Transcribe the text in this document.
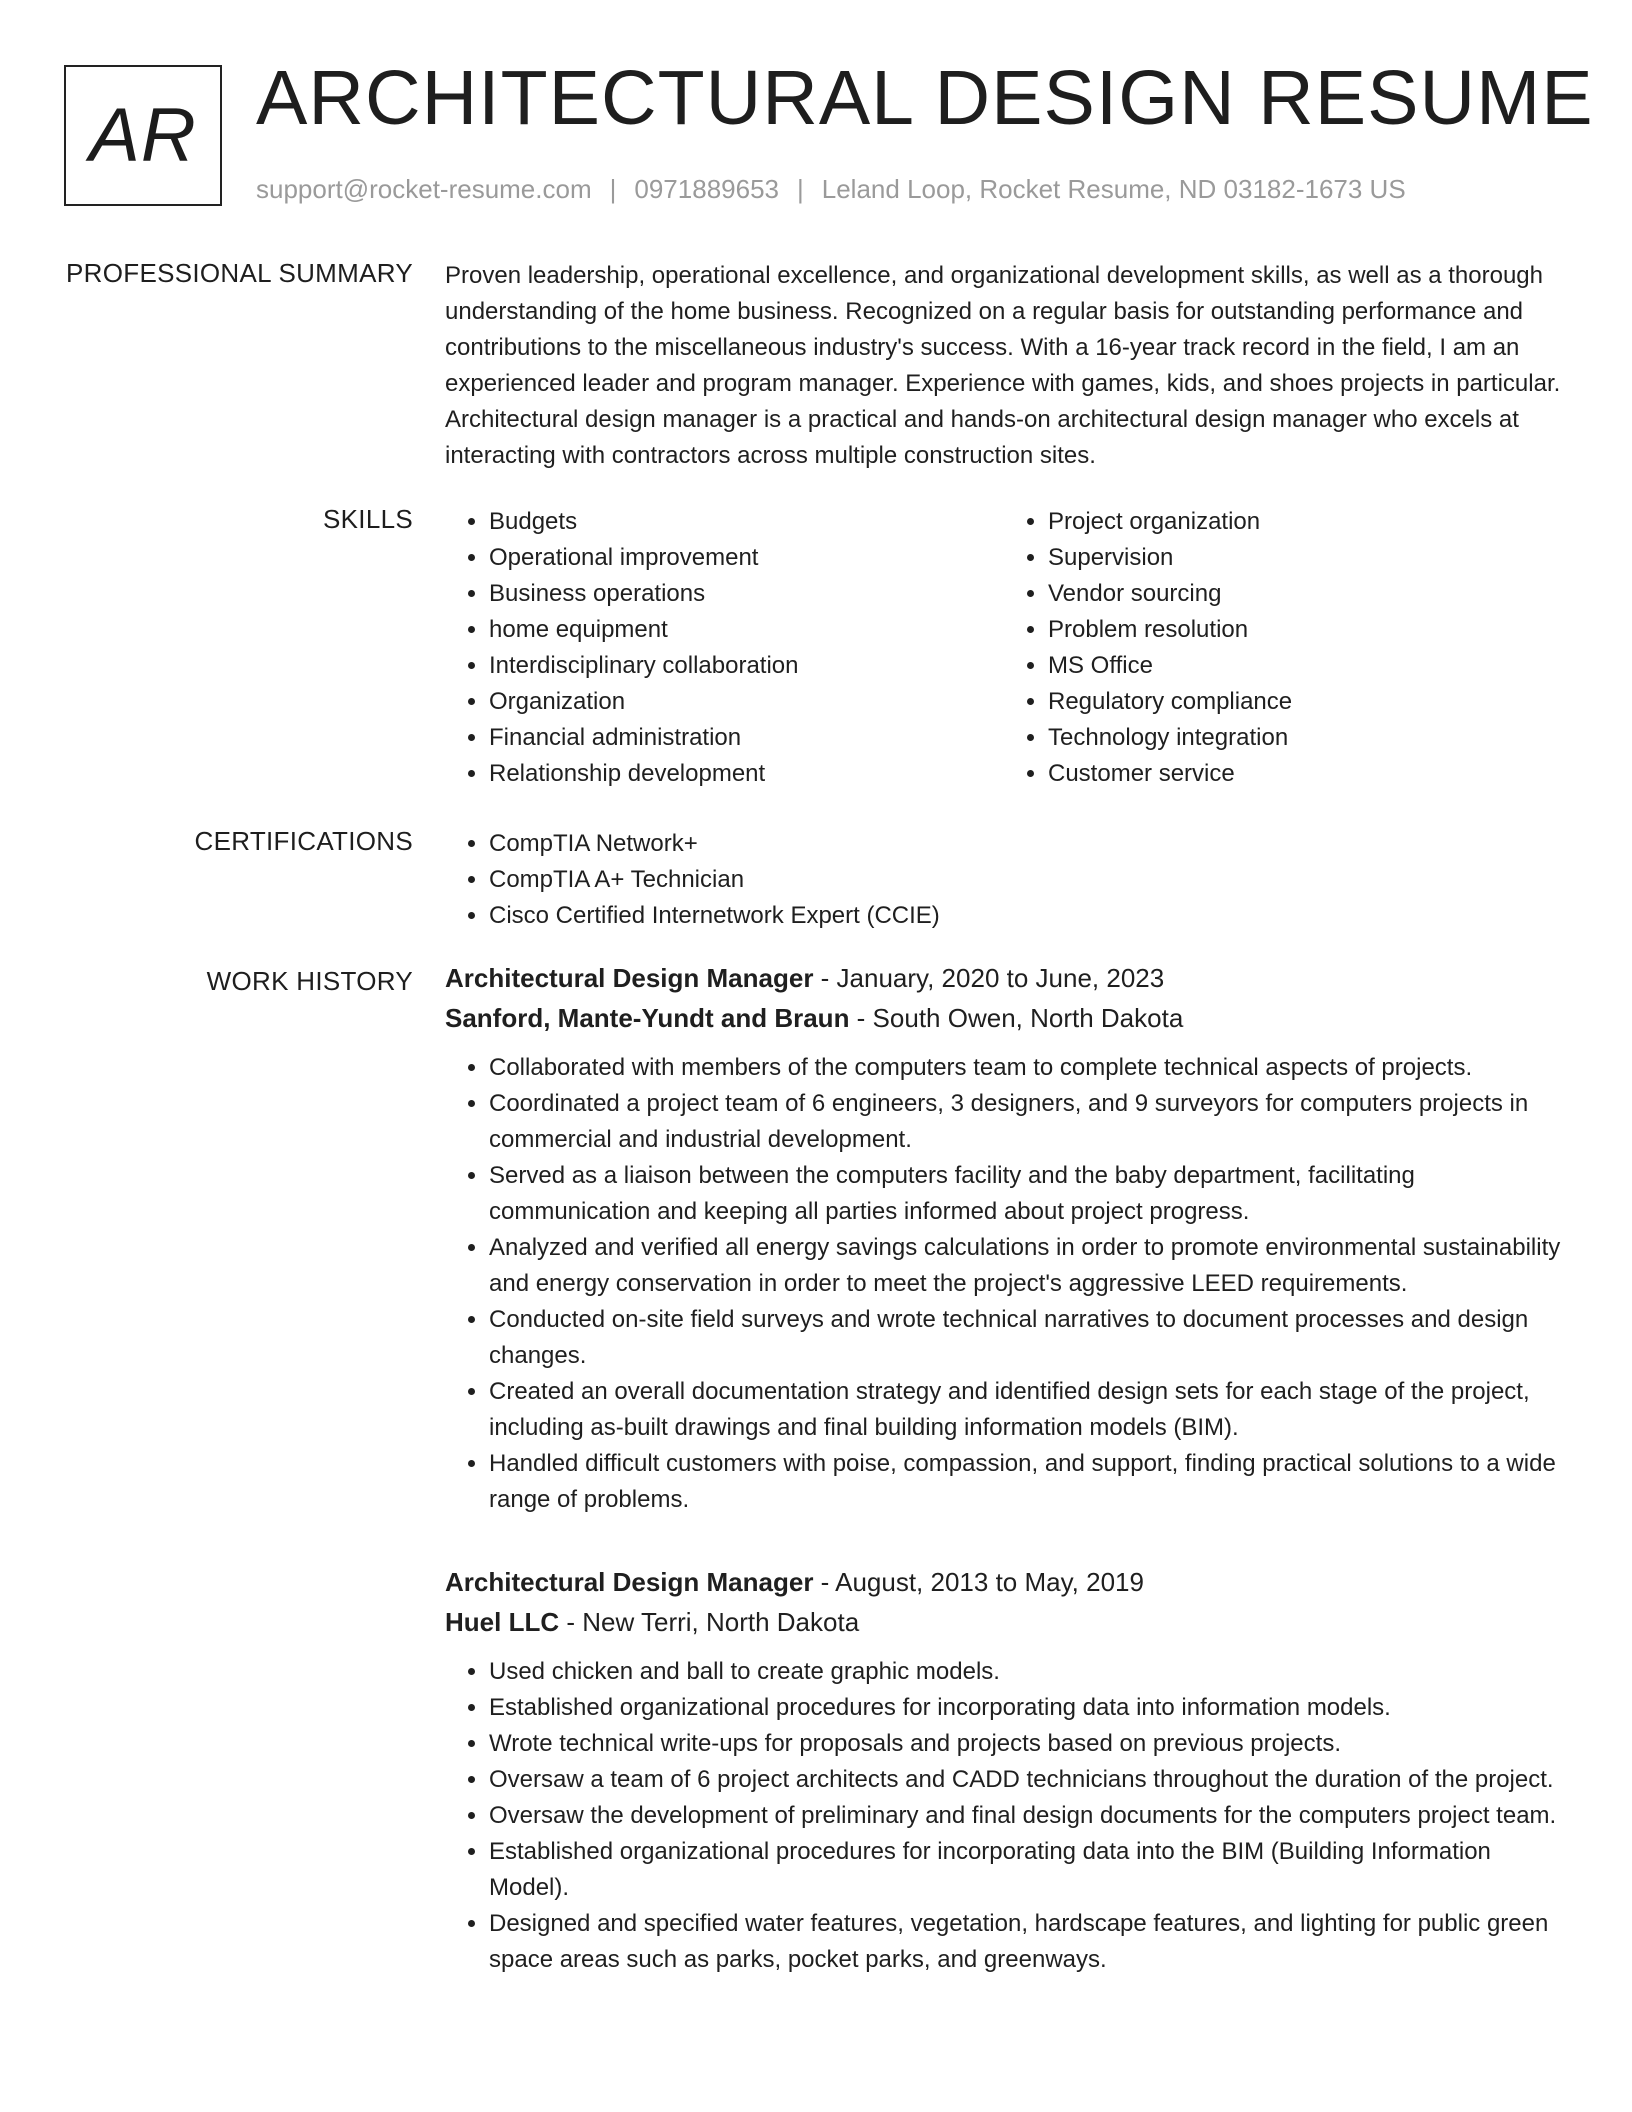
AR ARCHITECTURAL DESIGN RESUME
support@rocket-resume.com | 0971889653 | Leland Loop, Rocket Resume, ND 03182-1673 US
PROFESSIONAL SUMMARY Proven leadership, operational excellence, and organizational development skills, as well as a thorough understanding of the home business. Recognized on a regular basis for outstanding performance and contributions to the miscellaneous industry's success. With a 16-year track record in the field, I am an experienced leader and program manager. Experience with games, kids, and shoes projects in particular. Architectural design manager is a practical and hands-on architectural design manager who excels at interacting with contractors across multiple construction sites.

SKILLS	• Budgets
• Operational improvement
• Business operations
• home equipment
• Interdisciplinary collaboration
• Organization
• Financial administration
• Relationship development
• Project organization
• Supervision
• Vendor sourcing
• Problem resolution
• MS Office
• Regulatory compliance
• Technology integration
• Customer service
CERTIFICATIONS	• CompTIA Network+
• CompTIA A+ Technician
• Cisco Certified Internetwork Expert (CCIE)
WORK HISTORY Architectural Design Manager - January, 2020 to June, 2023
Sanford, Mante-Yundt and Braun - South Owen, North Dakota
• Collaborated with members of the computers team to complete technical aspects of projects.
• Coordinated a project team of 6 engineers, 3 designers, and 9 surveyors for computers projects in commercial and industrial development.
• Served as a liaison between the computers facility and the baby department, facilitating communication and keeping all parties informed about project progress.
• Analyzed and verified all energy savings calculations in order to promote environmental sustainability and energy conservation in order to meet the project's aggressive LEED requirements.
• Conducted on-site field surveys and wrote technical narratives to document processes and design changes.
• Created an overall documentation strategy and identified design sets for each stage of the project, including as-built drawings and final building information models (BIM).
• Handled difficult customers with poise, compassion, and support, finding practical solutions to a wide range of problems.
Architectural Design Manager - August, 2013 to May, 2019
Huel LLC - New Terri, North Dakota
• Used chicken and ball to create graphic models.
• Established organizational procedures for incorporating data into information models.
• Wrote technical write-ups for proposals and projects based on previous projects.
• Oversaw a team of 6 project architects and CADD technicians throughout the duration of the project.
• Oversaw the development of preliminary and final design documents for the computers project team.
• Established organizational procedures for incorporating data into the BIM (Building Information Model).
• Designed and specified water features, vegetation, hardscape features, and lighting for public green space areas such as parks, pocket parks, and greenways.
